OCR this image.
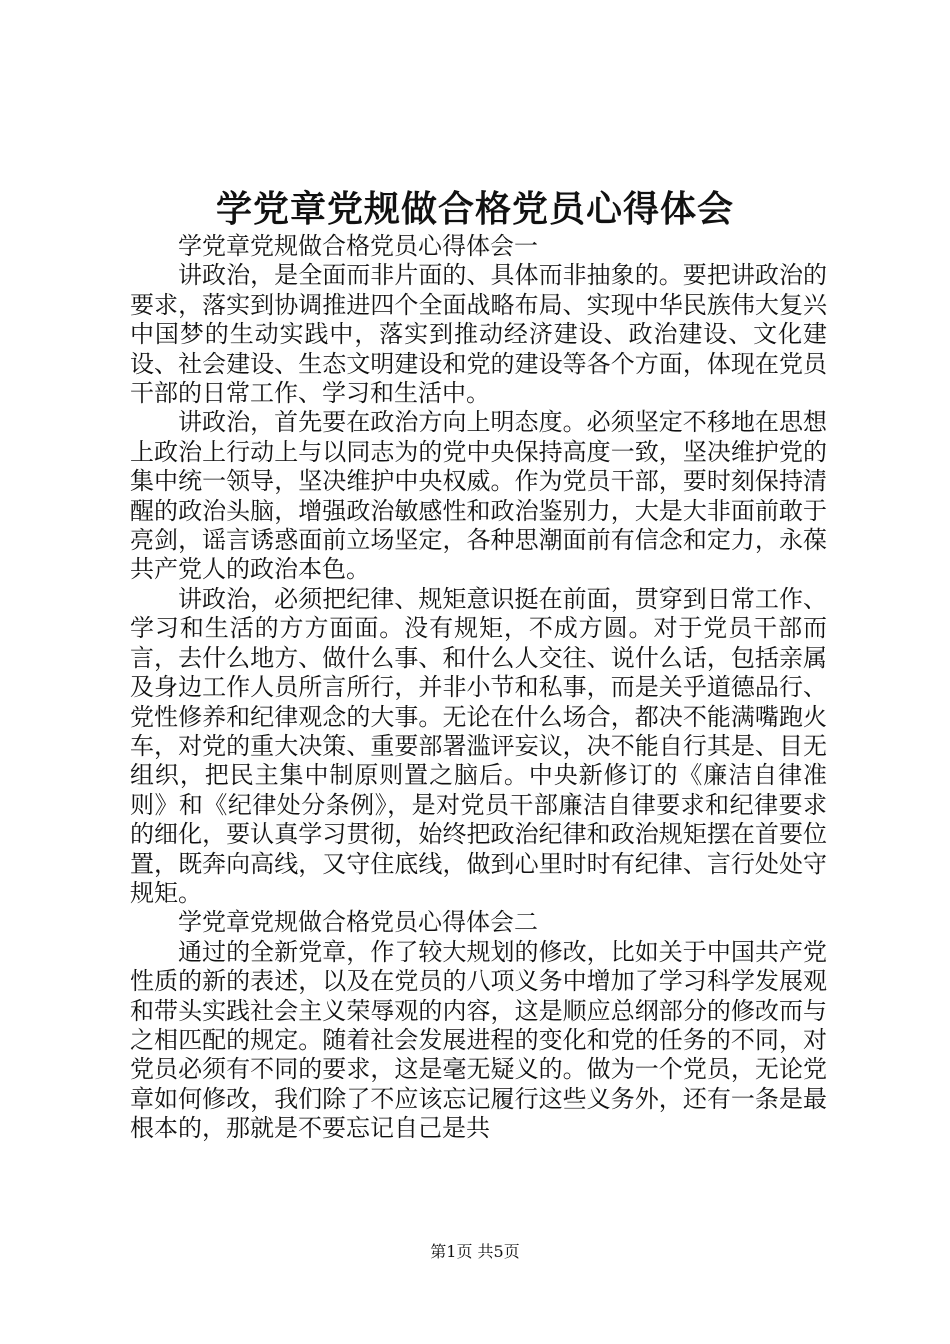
学党章党规做合格党员心得体会

学党章党规做合格党员心得体会一

讲政治，是全面而非片面的、具体而非抽象的。要把讲政治的要求，落实到协调推进四个全面战略布局、实现中华民族伟大复兴中国梦的生动实践中，落实到推动经济建设、政治建设、文化建设、社会建设、生态文明建设和党的建设等各个方面，体现在党员干部的日常工作、学习和生活中。

讲政治，首先要在政治方向上明态度。必须坚定不移地在思想上政治上行动上与以同志为的党中央保持高度一致，坚决维护党的集中统一领导，坚决维护中央权威。作为党员干部，要时刻保持清醒的政治头脑，增强政治敏感性和政治鉴别力，大是大非面前敢于亮剑，谣言诱惑面前立场坚定，各种思潮面前有信念和定力，永葆共产党人的政治本色。

讲政治，必须把纪律、规矩意识挺在前面，贯穿到日常工作、学习和生活的方方面面。没有规矩，不成方圆。对于党员干部而言，去什么地方、做什么事、和什么人交往、说什么话，包括亲属及身边工作人员所言所行，并非小节和私事，而是关乎道德品行、党性修养和纪律观念的大事。无论在什么场合，都决不能满嘴跑火车，对党的重大决策、重要部署滥评妄议，决不能自行其是、目无组织，把民主集中制原则置之脑后。中央新修订的《廉洁自律准则》和《纪律处分条例》，是对党员干部廉洁自律要求和纪律要求的细化，要认真学习贯彻，始终把政治纪律和政治规矩摆在首要位置，既奔向高线，又守住底线，做到心里时时有纪律、言行处处守规矩。

学党章党规做合格党员心得体会二

通过的全新党章，作了较大规划的修改，比如关于中国共产党性质的新的表述，以及在党员的八项义务中增加了学习科学发展观和带头实践社会主义荣辱观的内容，这是顺应总纲部分的修改而与之相匹配的规定。随着社会发展进程的变化和党的任务的不同，对党员必须有不同的要求，这是毫无疑义的。做为一个党员，无论党章如何修改，我们除了不应该忘记履行这些义务外，还有一条是最根本的，那就是不要忘记自己是共

第1页 共5页
